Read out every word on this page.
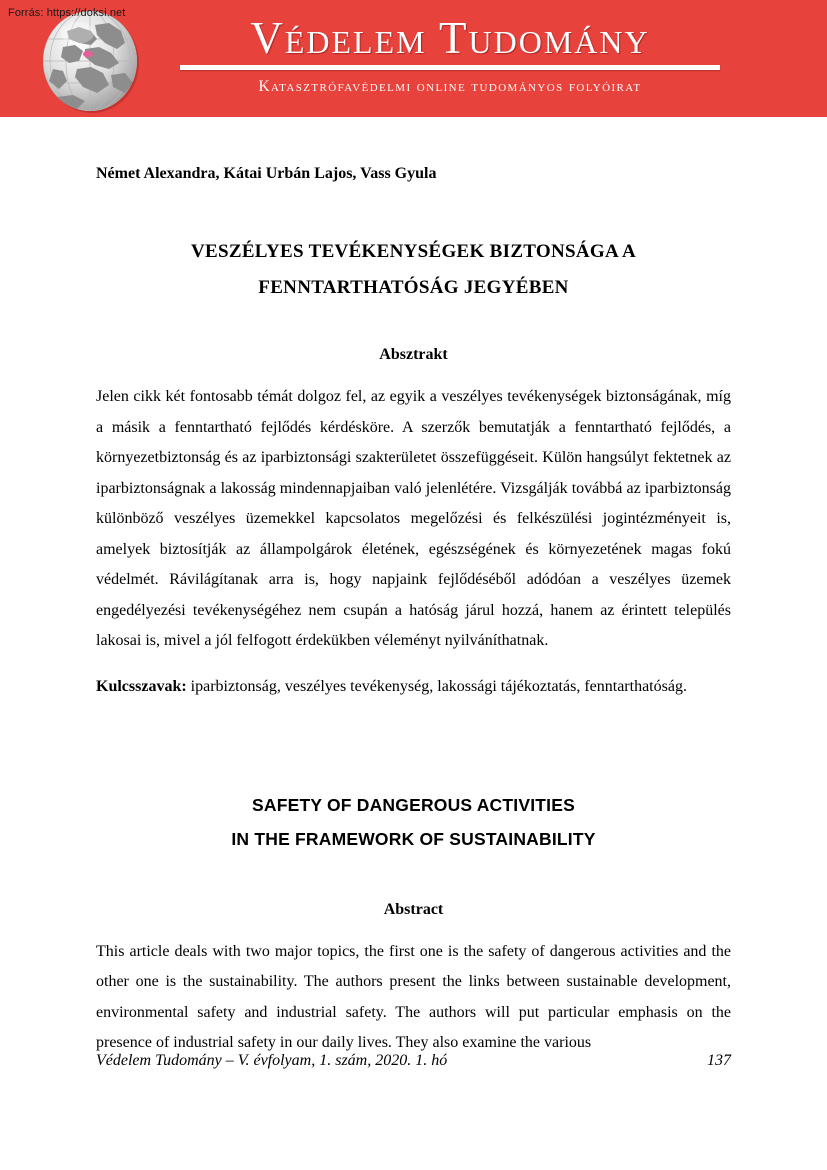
Forrás: https://doksi.net	Védelem Tudomány
Katasztrófavédelmi online tudományos folyóirat
Német Alexandra, Kátai Urbán Lajos, Vass Gyula
VESZÉLYES TEVÉKENYSÉGEK BIZTONSÁGA A
FENNTARTHATÓSÁG JEGYÉBEN
Absztrakt
Jelen cikk két fontosabb témát dolgoz fel, az egyik a veszélyes tevékenységek biztonságának, míg a másik a fenntartható fejlődés kérdésköre. A szerzők bemutatják a fenntartható fejlődés, a környezetbiztonság és az iparbiztonsági szakterületet összefüggéseit. Külön hangsúlyt fektetnek az iparbiztonságnak a lakosság mindennapjaiban való jelenlétére. Vizsgálják továbbá az iparbiztonság különböző veszélyes üzemekkel kapcsolatos megelőzési és felkészülési jogintézményeit is, amelyek biztosítják az állampolgárok életének, egészségének és környezetének magas fokú védelmét. Rávilágítanak arra is, hogy napjaink fejlődéséből adódóan a veszélyes üzemek engedélyezési tevékenységéhez nem csupán a hatóság járul hozzá, hanem az érintett település lakosai is, mivel a jól felfogott érdekükben véleményt nyilváníthatnak.
Kulcsszavak: iparbiztonság, veszélyes tevékenység, lakossági tájékoztatás, fenntarthatóság.
SAFETY OF DANGEROUS ACTIVITIES
IN THE FRAMEWORK OF SUSTAINABILITY
Abstract
This article deals with two major topics, the first one is the safety of dangerous activities and the other one is the sustainability. The authors present the links between sustainable development, environmental safety and industrial safety. The authors will put particular emphasis on the presence of industrial safety in our daily lives. They also examine the various
Védelem Tudomány – V. évfolyam, 1. szám, 2020. 1. hó	137
